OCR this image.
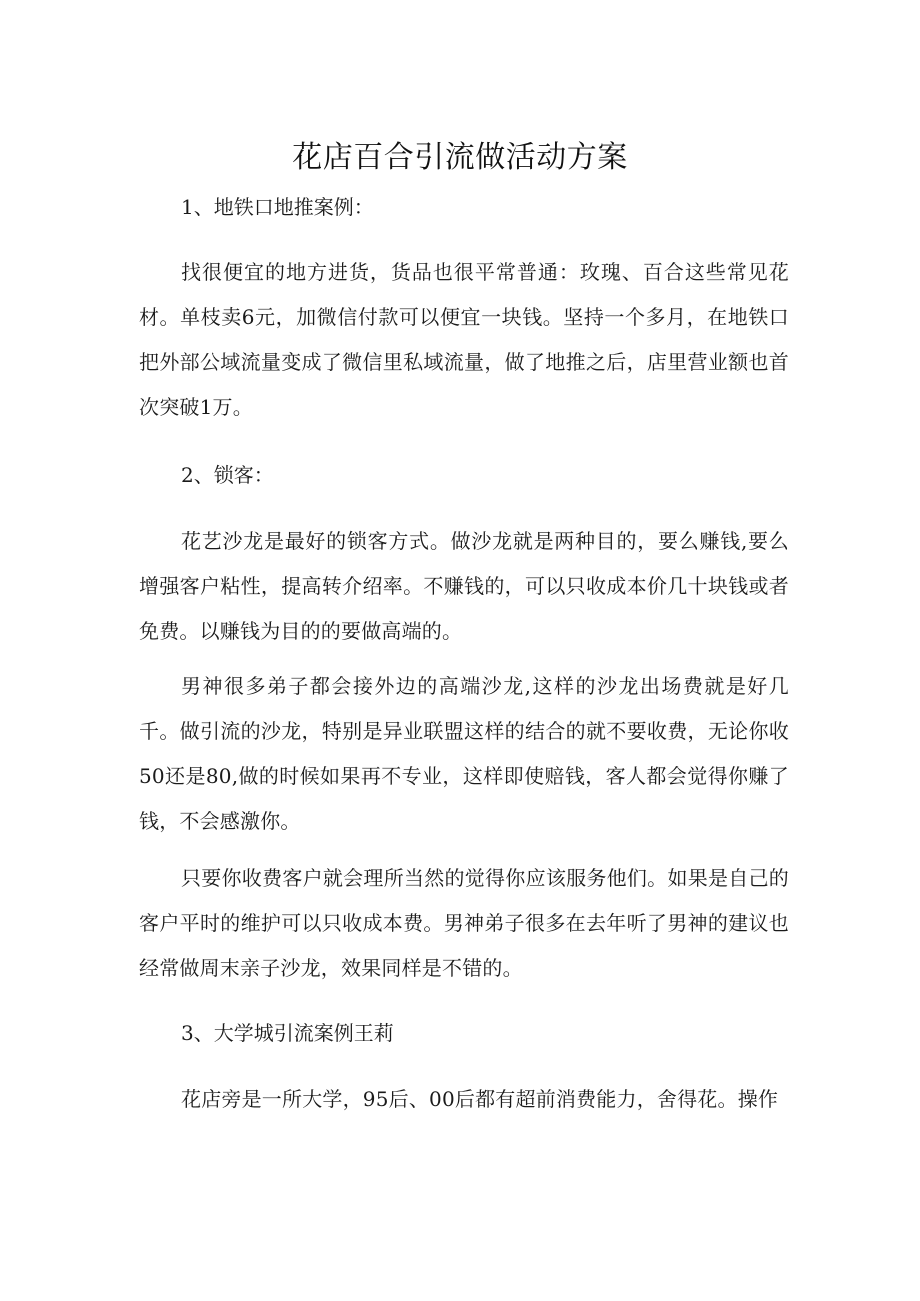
花店百合引流做活动方案
1、地铁口地推案例：

找很便宜的地方进货，货品也很平常普通：玫瑰、百合这些常见花材。单枝卖6元，加微信付款可以便宜一块钱。坚持一个多月，在地铁口把外部公域流量变成了微信里私域流量，做了地推之后，店里营业额也首次突破1万。

2、锁客：

花艺沙龙是最好的锁客方式。做沙龙就是两种目的，要么赚钱,要么增强客户粘性，提高转介绍率。不赚钱的，可以只收成本价几十块钱或者免费。以赚钱为目的的要做高端的。

男神很多弟子都会接外边的高端沙龙,这样的沙龙出场费就是好几千。做引流的沙龙，特别是异业联盟这样的结合的就不要收费，无论你收50还是80,做的时候如果再不专业，这样即使赔钱，客人都会觉得你赚了钱，不会感激你。

只要你收费客户就会理所当然的觉得你应该服务他们。如果是自己的客户平时的维护可以只收成本费。男神弟子很多在去年听了男神的建议也经常做周末亲子沙龙，效果同样是不错的。

3、大学城引流案例王莉

花店旁是一所大学，95后、00后都有超前消费能力，舍得花。操作
